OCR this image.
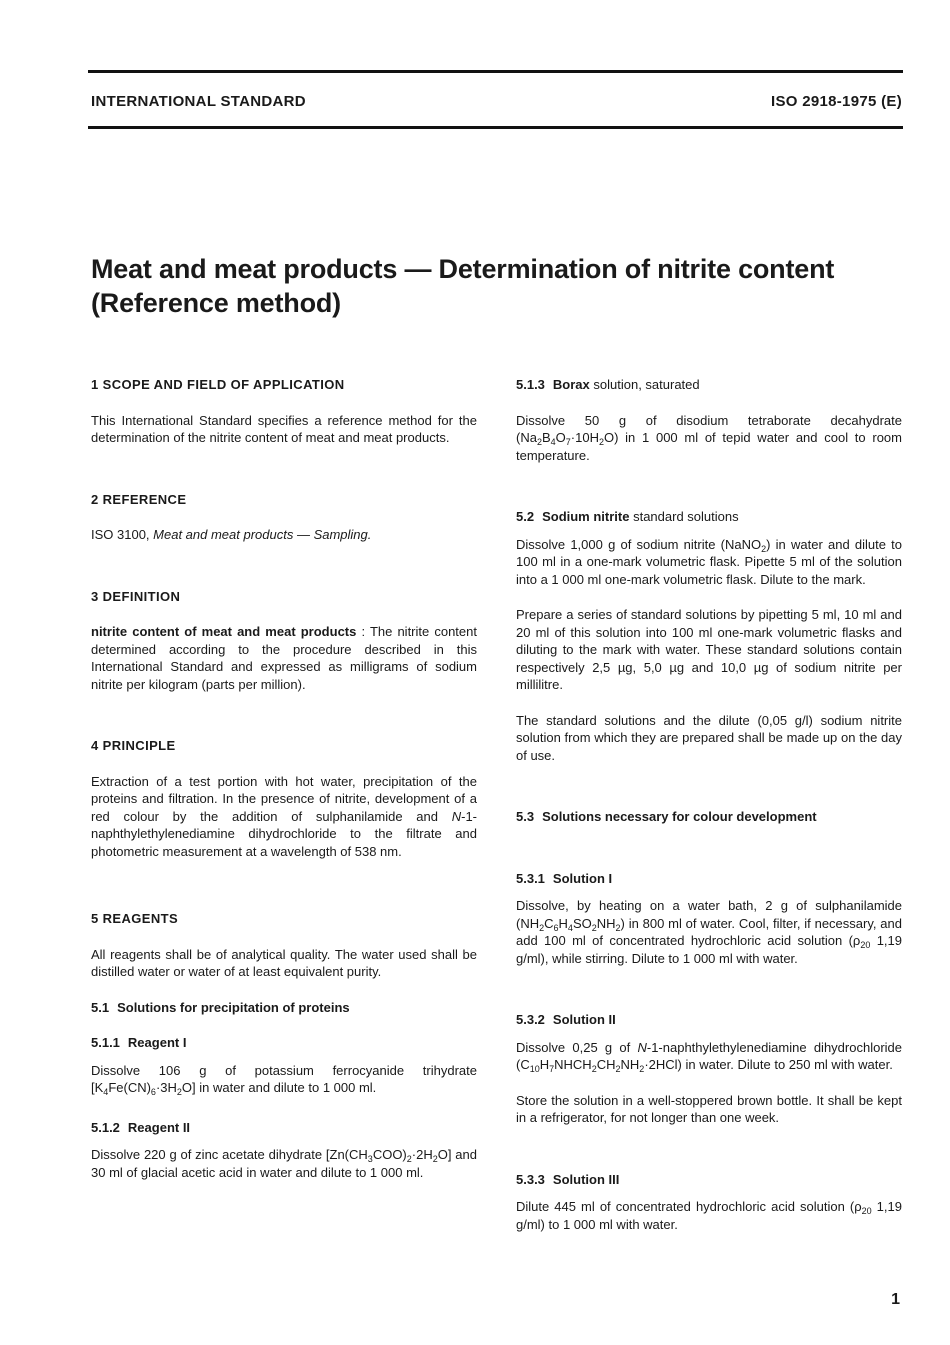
INTERNATIONAL STANDARD	ISO 2918-1975 (E)
Meat and meat products — Determination of nitrite content
(Reference method)

1 SCOPE AND FIELD OF APPLICATION

This International Standard specifies a reference method for the determination of the nitrite content of meat and meat products.

2 REFERENCE

ISO 3100, Meat and meat products — Sampling.

3 DEFINITION

nitrite content of meat and meat products : The nitrite content determined according to the procedure described in this International Standard and expressed as milligrams of sodium nitrite per kilogram (parts per million).

4 PRINCIPLE

Extraction of a test portion with hot water, precipitation of the proteins and filtration. In the presence of nitrite, development of a red colour by the addition of sulphanilamide and N-1-naphthylethylenediamine dihydrochloride to the filtrate and photometric measurement at a wavelength of 538 nm.

5 REAGENTS

All reagents shall be of analytical quality. The water used shall be distilled water or water of at least equivalent purity.

5.1 Solutions for precipitation of proteins

5.1.1 Reagent I

Dissolve 106 g of potassium ferrocyanide trihydrate $[K_4Fe(CN)_6\cdot 3H_2O]$ in water and dilute to 1 000 ml.

5.1.2 Reagent II

Dissolve 220 g of zinc acetate dihydrate $[Zn(CH_3COO)_2\cdot 2H_2O]$ and 30 ml of glacial acetic acid in water and dilute to 1 000 ml.

5.1.3 Borax solution, saturated

Dissolve 50 g of disodium tetraborate decahydrate $(Na_2B_4O_7\cdot 10H_2O)$ in 1 000 ml of tepid water and cool to room temperature.

5.2 Sodium nitrite standard solutions

Dissolve 1,000 g of sodium nitrite (NaNO$_2$) in water and dilute to 100 ml in a one-mark volumetric flask. Pipette 5 ml of the solution into a 1 000 ml one-mark volumetric flask. Dilute to the mark.

Prepare a series of standard solutions by pipetting 5 ml, 10 ml and 20 ml of this solution into 100 ml one-mark volumetric flasks and diluting to the mark with water. These standard solutions contain respectively 2,5 µg, 5,0 µg and 10,0 µg of sodium nitrite per millilitre.

The standard solutions and the dilute (0,05 g/l) sodium nitrite solution from which they are prepared shall be made up on the day of use.

5.3 Solutions necessary for colour development

5.3.1 Solution I

Dissolve, by heating on a water bath, 2 g of sulphanilamide $(NH_2C_6H_4SO_2NH_2)$ in 800 ml of water. Cool, filter, if necessary, and add 100 ml of concentrated hydrochloric acid solution ($\rho_{20}$ 1,19 g/ml), while stirring. Dilute to 1 000 ml with water.

5.3.2 Solution II

Dissolve 0,25 g of N-1-naphthylethylenediamine dihydrochloride $(C_{10}H_7NHCH_2CH_2NH_2\cdot 2HCl)$ in water. Dilute to 250 ml with water.

Store the solution in a well-stoppered brown bottle. It shall be kept in a refrigerator, for not longer than one week.

5.3.3 Solution III

Dilute 445 ml of concentrated hydrochloric acid solution ($\rho_{20}$ 1,19 g/ml) to 1 000 ml with water.

1
